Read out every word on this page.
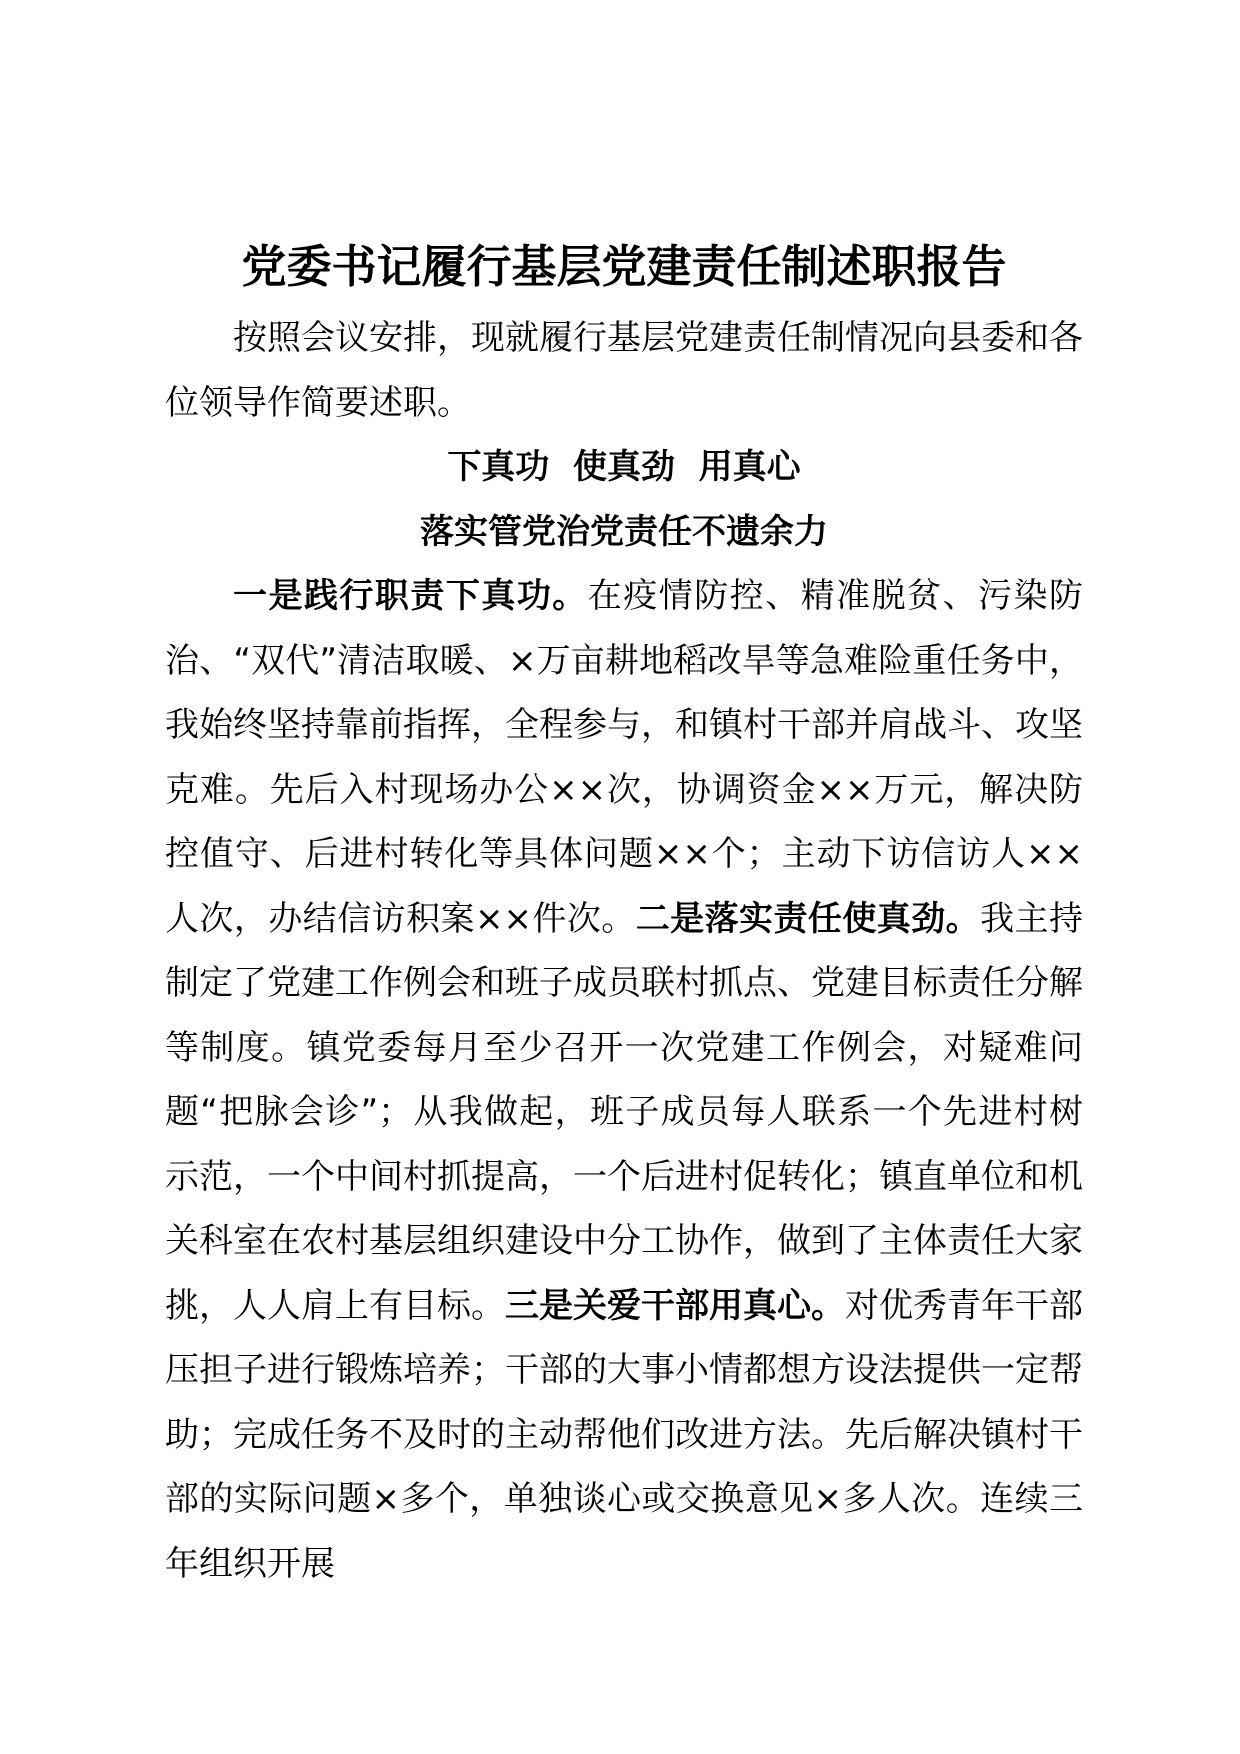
党委书记履行基层党建责任制述职报告

按照会议安排，现就履行基层党建责任制情况向县委和各位领导作简要述职。

下真功  使真劲  用真心

落实管党治党责任不遗余力

一是践行职责下真功。在疫情防控、精准脱贫、污染防治、“双代”清洁取暖、×万亩耕地稻改旱等急难险重任务中，我始终坚持靠前指挥，全程参与，和镇村干部并肩战斗、攻坚克难。先后入村现场办公××次，协调资金××万元，解决防控值守、后进村转化等具体问题××个；主动下访信访人××人次，办结信访积案××件次。二是落实责任使真劲。我主持制定了党建工作例会和班子成员联村抓点、党建目标责任分解等制度。镇党委每月至少召开一次党建工作例会，对疑难问题“把脉会诊”；从我做起，班子成员每人联系一个先进村树示范，一个中间村抓提高，一个后进村促转化；镇直单位和机关科室在农村基层组织建设中分工协作，做到了主体责任大家挑，人人肩上有目标。三是关爱干部用真心。对优秀青年干部压担子进行锻炼培养；干部的大事小情都想方设法提供一定帮助；完成任务不及时的主动帮他们改进方法。先后解决镇村干部的实际问题×多个，单独谈心或交换意见×多人次。连续三年组织开展
